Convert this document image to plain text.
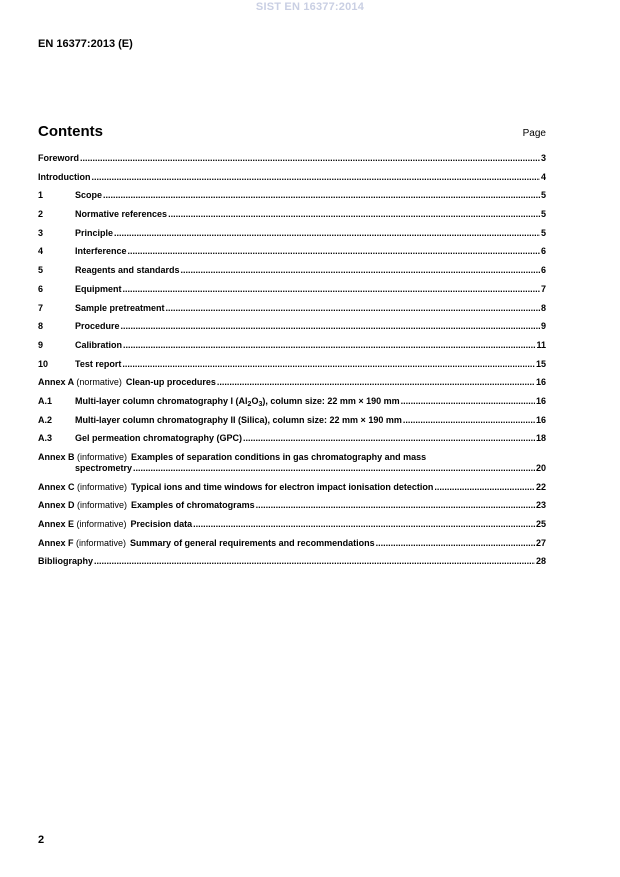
SIST EN 16377:2014
EN 16377:2013 (E)
Contents	Page
Foreword .....	3
Introduction .....	4
1	Scope .....	5
2	Normative references .....	5
3	Principle .....	5
4	Interference .....	6
5	Reagents and standards .....	6
6	Equipment .....	7
7	Sample pretreatment .....	8
8	Procedure .....	9
9	Calibration .....	11
10	Test report .....	15
Annex A (normative) Clean-up procedures .....	16
A.1	Multi-layer column chromatography I $(Al_2O_3)$, column size: 22 mm × 190 mm .....	16
A.2	Multi-layer column chromatography II (Silica), column size: 22 mm × 190 mm .....	16
A.3	Gel permeation chromatography (GPC) .....	18
Annex B (informative) Examples of separation conditions in gas chromatography and mass
spectrometry .....	20
Annex C (informative) Typical ions and time windows for electron impact ionisation detection .....	22
Annex D (informative) Examples of chromatograms .....	23
Annex E (informative) Precision data .....	25
Annex F (informative) Summary of general requirements and recommendations .....	27
Bibliography .....	28
2
